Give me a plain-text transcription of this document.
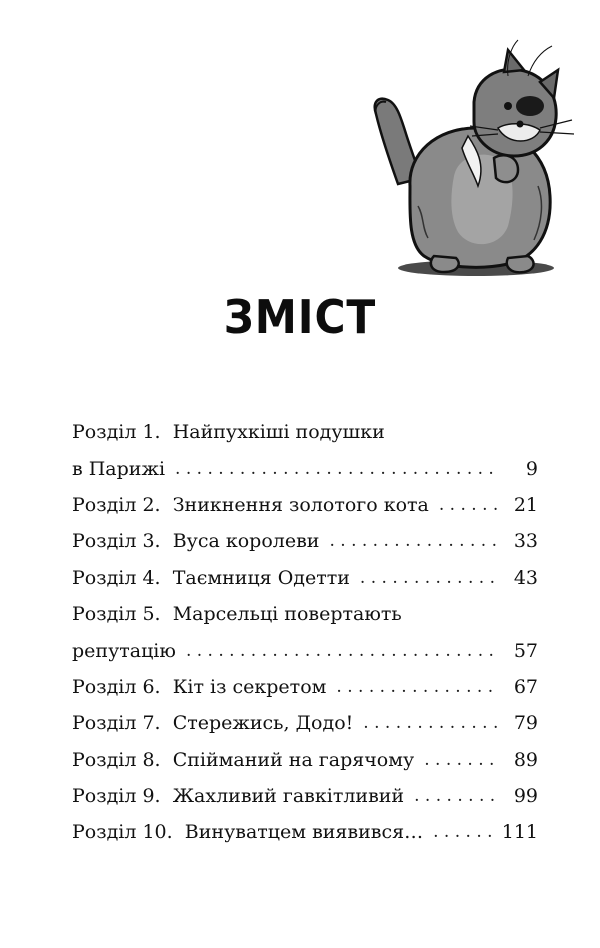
ЗМІСТ
Розділ 1. Найпухкіші подушки
в Парижі . . .	9
Розділ 2. Зникнення золотого кота . . .	21
Розділ 3. Вуса королеви . . .	33
Розділ 4. Таємниця Одетти . . .	43
Розділ 5. Марсельці повертають
репутацію . . .	57
Розділ 6. Кіт із секретом . . .	67
Розділ 7. Стережись, Додо! . . .	79
Розділ 8. Спійманий на гарячому . . .	89
Розділ 9. Жахливий гавкітливий . . .	99
Розділ 10. Винуватцем виявився… . . .	111
